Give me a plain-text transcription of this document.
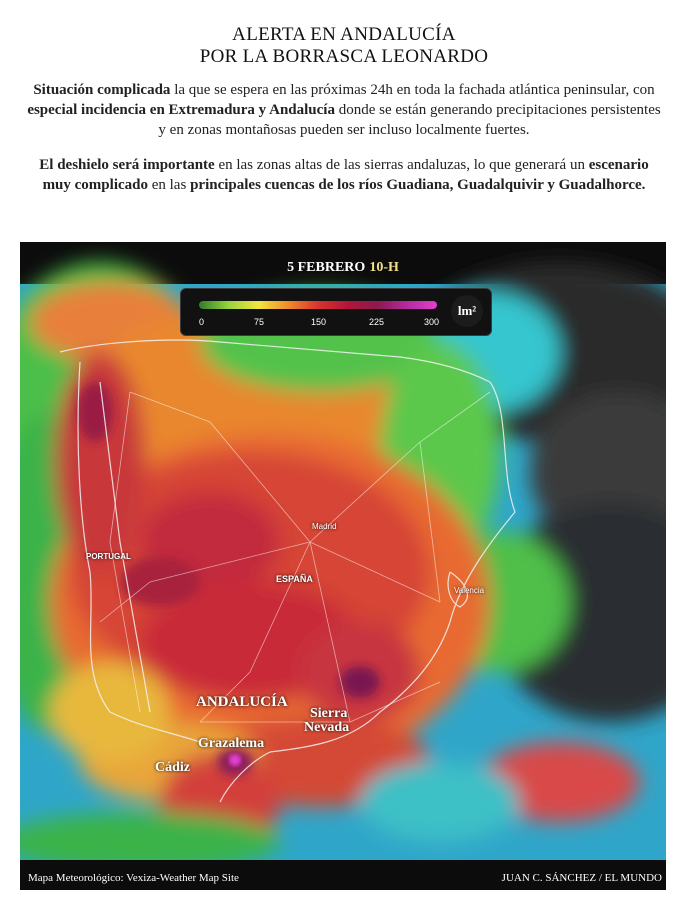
ALERTA EN ANDALUCÍA
POR LA BORRASCA LEONARDO
Situación complicada la que se espera en las próximas 24h en toda la fachada atlántica peninsular, con especial incidencia en Extremadura y Andalucía donde se están generando precipitaciones persistentes y en zonas montañosas pueden ser incluso localmente fuertes.
El deshielo será importante en las zonas altas de las sierras andaluzas, lo que generará un escenario muy complicado en las principales cuencas de los ríos Guadiana, Guadalquivir y Guadalhorce.
5 FEBRERO 10-H
0	75	150	225	300
lm²
PORTUGAL
ESPAÑA
Madrid
Valencia
ANDALUCÍA
Sierra
Nevada
Grazalema
Cádiz
Mapa Meteorológico: Vexiza-Weather Map Site	JUAN C. SÁNCHEZ / EL MUNDO
